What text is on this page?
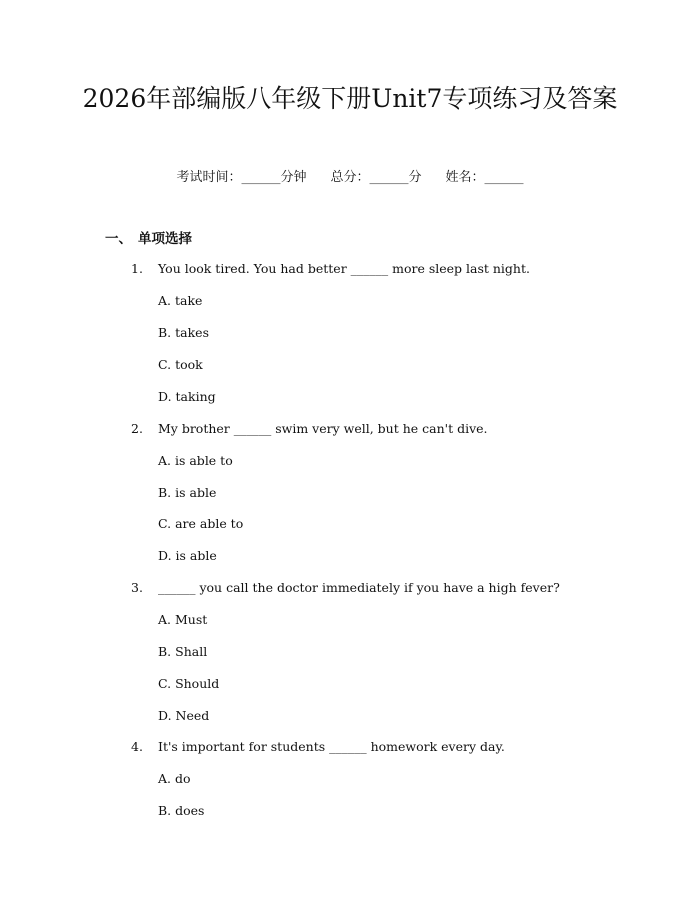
2026年部编版八年级下册Unit7专项练习及答案
考试时间：______分钟 总分：______分 姓名：______
一、 单项选择
1. You look tired. You had better ______ more sleep last night.
A. take
B. takes
C. took
D. taking
2. My brother ______ swim very well, but he can't dive.
A. is able to
B. is able
C. are able to
D. is able
3. ______ you call the doctor immediately if you have a high fever?
A. Must
B. Shall
C. Should
D. Need
4. It's important for students ______ homework every day.
A. do
B. does
